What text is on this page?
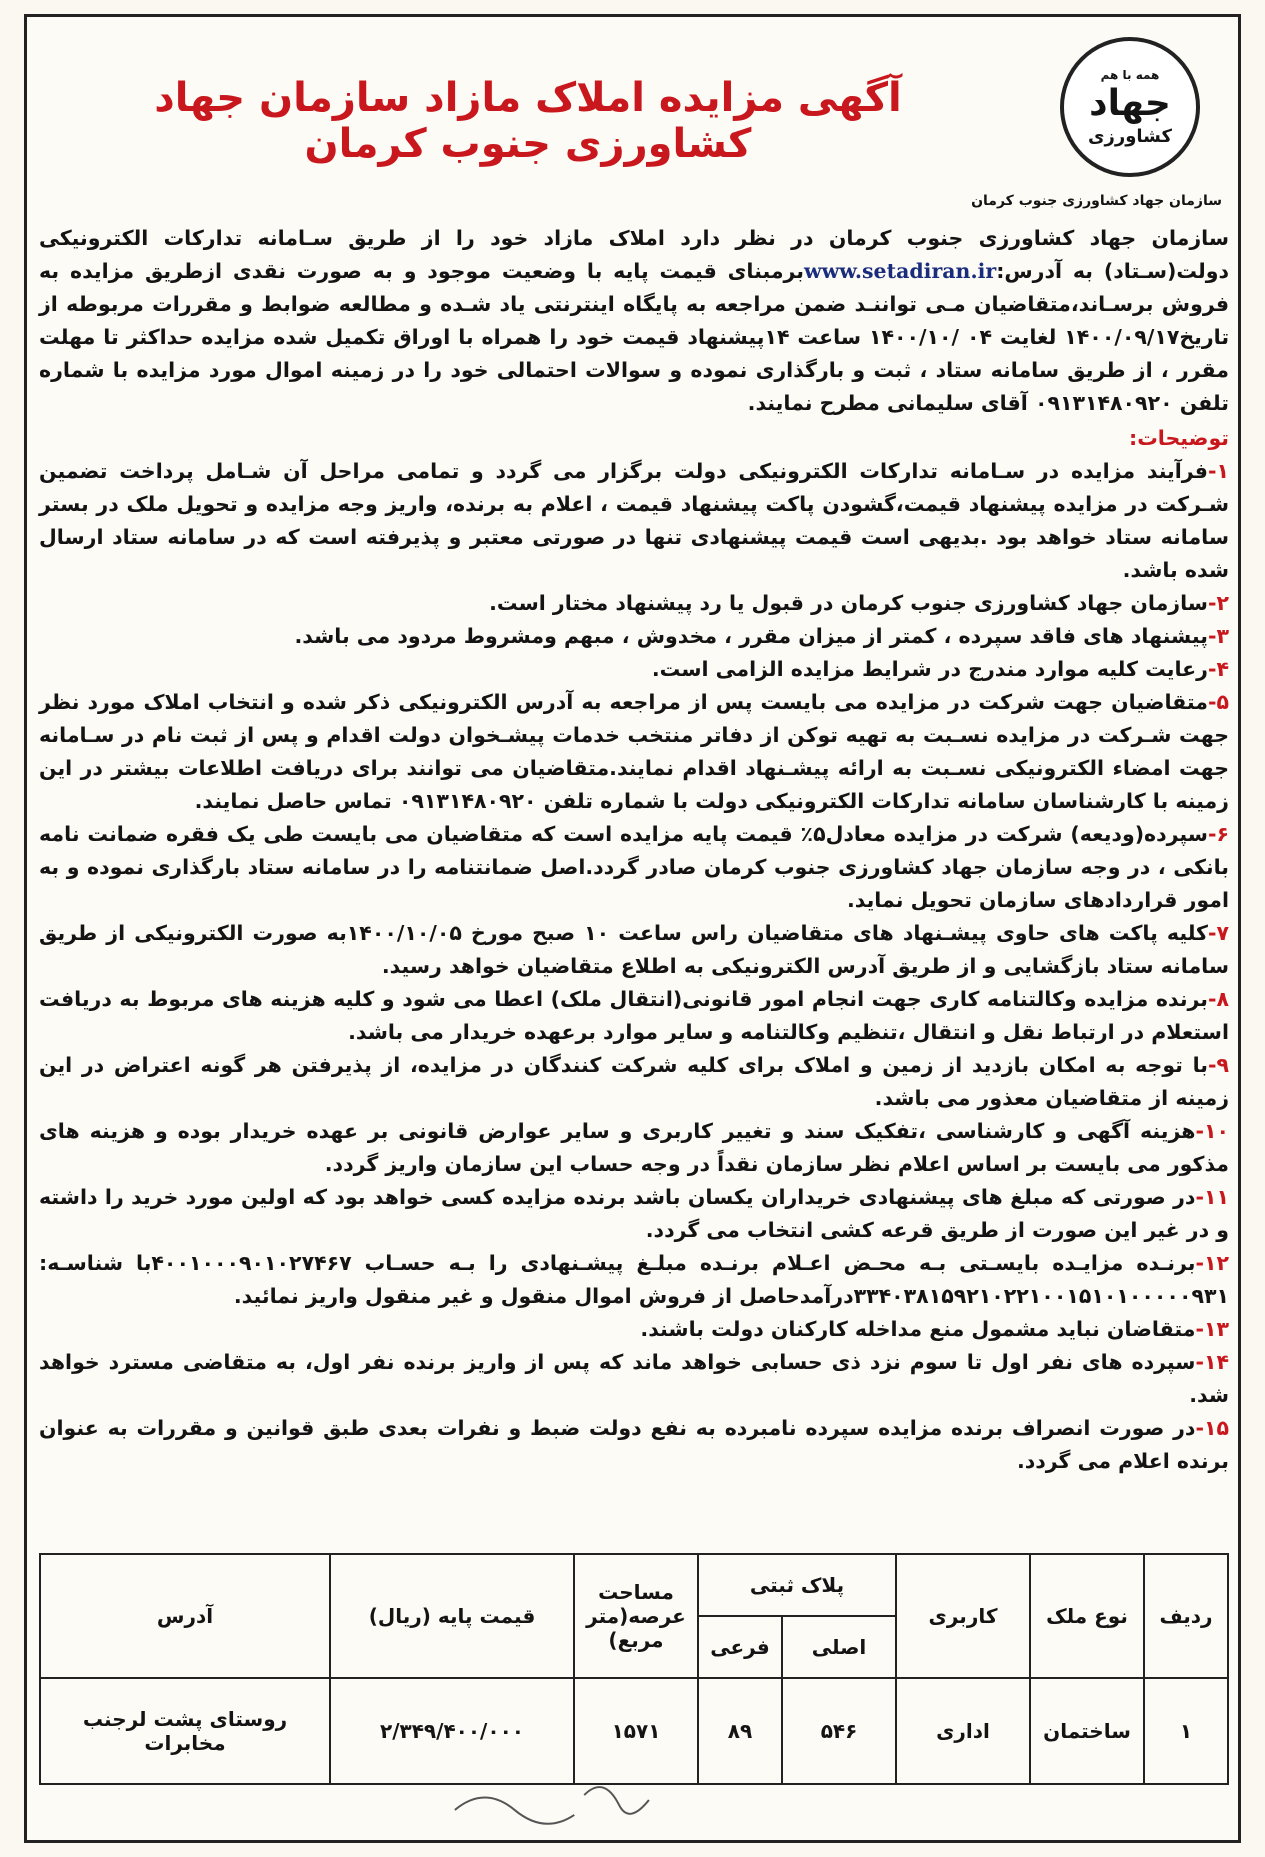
همه با هم
جهاد
کشاورزی
سازمان جهاد کشاورزی جنوب کرمان
آگهی مزایده املاک مازاد سازمان جهاد کشاورزی جنوب کرمان

سازمان جهاد کشاورزی جنوب کرمان در نظر دارد املاک مازاد خود را از طریق سـامانه تدارکات الکترونیکی دولت(سـتاد) به آدرس:www.setadiran.irبرمبنای قیمت پایه با وضعیت موجود و به صورت نقدی ازطریق مزایده به فروش برسـاند،متقاضیان مـی تواننـد ضمن مراجعه به پایگاه اینترنتی یاد شـده و مطالعه ضوابط و مقررات مربوطه از تاریخ۱۴۰۰/۰۹/۱۷ لغایت ۰۴ /۱۴۰۰/۱۰ ساعت ۱۴پیشنهاد قیمت خود را همراه با اوراق تکمیل شده مزایده حداکثر تا مهلت مقرر ، از طریق سامانه ستاد ، ثبت و بارگذاری نموده و سوالات احتمالی خود را در زمینه اموال مورد مزایده با شماره تلفن ۰۹۱۳۱۴۸۰۹۲۰ آقای سلیمانی مطرح نمایند.

توضیحات:

۱-فرآیند مزایده در سـامانه تدارکات الکترونیکی دولت برگزار می گردد و تمامی مراحل آن شـامل پرداخت تضمین شـرکت در مزایده پیشنهاد قیمت،گشودن پاکت پیشنهاد قیمت ، اعلام به برنده، واریز وجه مزایده و تحویل ملک در بستر سامانه ستاد خواهد بود .بدیهی است قیمت پیشنهادی تنها در صورتی معتبر و پذیرفته است که در سامانه ستاد ارسال شده باشد.

۲-سازمان جهاد کشاورزی جنوب کرمان در قبول یا رد پیشنهاد مختار است.

۳-پیشنهاد های فاقد سپرده ، کمتر از میزان مقرر ، مخدوش ، مبهم ومشروط مردود می باشد.

۴-رعایت کلیه موارد مندرج در شرایط مزایده الزامی است.

۵-متقاضیان جهت شرکت در مزایده می بایست پس از مراجعه به آدرس الکترونیکی ذکر شده و انتخاب املاک مورد نظر جهت شـرکت در مزایده نسـبت به تهیه توکن از دفاتر منتخب خدمات پیشـخوان دولت اقدام و پس از ثبت نام در سـامانه جهت امضاء الکترونیکی نسـبت به ارائه پیشـنهاد اقدام نمایند.متقاضیان می توانند برای دریافت اطلاعات بیشتر در این زمینه با کارشناسان سامانه تدارکات الکترونیکی دولت با شماره تلفن ۰۹۱۳۱۴۸۰۹۲۰ تماس حاصل نمایند.

۶-سپرده(ودیعه) شرکت در مزایده معادل۵٪ قیمت پایه مزایده است که متقاضیان می بایست طی یک فقره ضمانت نامه بانکی ، در وجه سازمان جهاد کشاورزی جنوب کرمان صادر گردد.اصل ضمانتنامه را در سامانه ستاد بارگذاری نموده و به امور قراردادهای سازمان تحویل نماید.

۷-کلیه پاکت های حاوی پیشـنهاد های متقاضیان راس ساعت ۱۰ صبح مورخ ۱۴۰۰/۱۰/۰۵به صورت الکترونیکی از طریق سامانه ستاد بازگشایی و از طریق آدرس الکترونیکی به اطلاع متقاضیان خواهد رسید.

۸-برنده مزایده وکالتنامه کاری جهت انجام امور قانونی(انتقال ملک) اعطا می شود و کلیه هزینه های مربوط به دریافت استعلام در ارتباط نقل و انتقال ،تنظیم وکالتنامه و سایر موارد برعهده خریدار می باشد.

۹-با توجه به امکان بازدید از زمین و املاک برای کلیه شرکت کنندگان در مزایده، از پذیرفتن هر گونه اعتراض در این زمینه از متقاضیان معذور می باشد.

۱۰-هزینه آگهی و کارشناسی ،تفکیک سند و تغییر کاربری و سایر عوارض قانونی بر عهده خریدار بوده و هزینه های مذکور می بایست بر اساس اعلام نظر سازمان نقداً در وجه حساب این سازمان واریز گردد.

۱۱-در صورتی که مبلغ های پیشنهادی خریداران یکسان باشد برنده مزایده کسی خواهد بود که اولین مورد خرید را داشته و در غیر این صورت از طریق قرعه کشی انتخاب می گردد.

۱۲-برنـده مزایـده بایسـتی بـه محـض اعـلام برنـده مبلـغ پیشـنهادی را بـه حسـاب ۴۰۰۱۰۰۰۹۰۱۰۲۷۴۶۷با شناسـه: ۳۳۴۰۳۸۱۵۹۲۱۰۲۲۱۰۰۱۵۱۰۱۰۰۰۰۰۹۳۱درآمدحاصل از فروش اموال منقول و غیر منقول واریز نمائید.

۱۳-متقاضان نباید مشمول منع مداخله کارکنان دولت باشند.

۱۴-سپرده های نفر اول تا سوم نزد ذی حسابی خواهد ماند که پس از واریز برنده نفر اول، به متقاضی مسترد خواهد شد.

۱۵-در صورت انصراف برنده مزایده سپرده نامبرده به نفع دولت ضبط و نفرات بعدی طبق قوانین و مقررات به عنوان برنده اعلام می گردد.

ردیف	نوع ملک	کاربری	پلاک ثبتی		مساحت عرصه(متر مربع)	قیمت پایه (ریال)	آدرس
			اصلی	فرعی			
۱	ساختمان	اداری	۵۴۶	۸۹	۱۵۷۱	۲/۳۴۹/۴۰۰/۰۰۰	روستای پشت لرجنب مخابرات
